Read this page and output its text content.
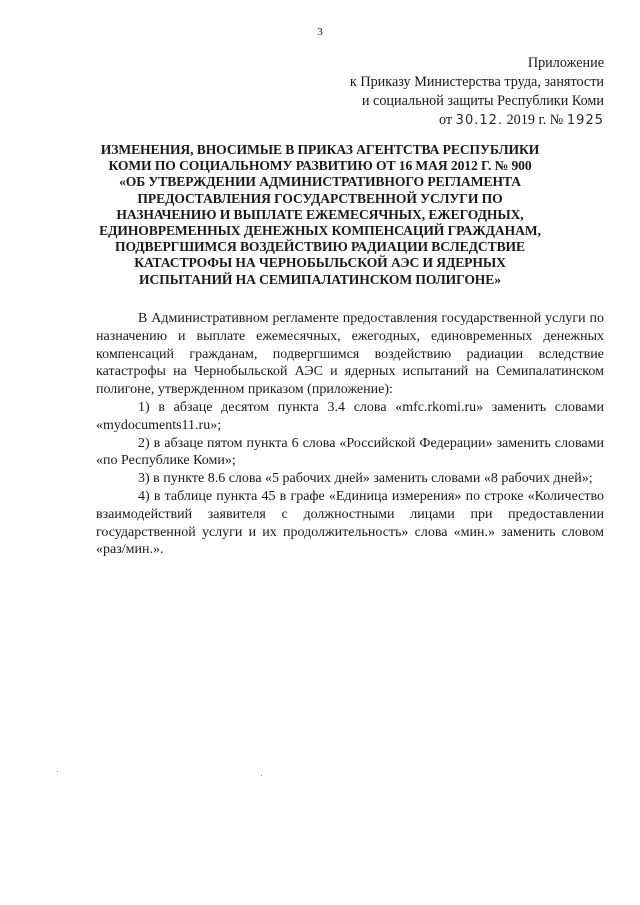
3
Приложение
к Приказу Министерства труда, занятости
и социальной защиты Республики Коми
от 30.12. 2019 г. № 1925
ИЗМЕНЕНИЯ, ВНОСИМЫЕ В ПРИКАЗ АГЕНТСТВА РЕСПУБЛИКИ
КОМИ ПО СОЦИАЛЬНОМУ РАЗВИТИЮ ОТ 16 МАЯ 2012 Г. № 900
«ОБ УТВЕРЖДЕНИИ АДМИНИСТРАТИВНОГО РЕГЛАМЕНТА
ПРЕДОСТАВЛЕНИЯ ГОСУДАРСТВЕННОЙ УСЛУГИ ПО
НАЗНАЧЕНИЮ И ВЫПЛАТЕ ЕЖЕМЕСЯЧНЫХ, ЕЖЕГОДНЫХ,
ЕДИНОВРЕМЕННЫХ ДЕНЕЖНЫХ КОМПЕНСАЦИЙ ГРАЖДАНАМ,
ПОДВЕРГШИМСЯ ВОЗДЕЙСТВИЮ РАДИАЦИИ ВСЛЕДСТВИЕ
КАТАСТРОФЫ НА ЧЕРНОБЫЛЬСКОЙ АЭС И ЯДЕРНЫХ
ИСПЫТАНИЙ НА СЕМИПАЛАТИНСКОМ ПОЛИГОНЕ»

В Административном регламенте предоставления государственной услуги по назначению и выплате ежемесячных, ежегодных, единовременных денежных компенсаций гражданам, подвергшимся воздействию радиации вследствие катастрофы на Чернобыльской АЭС и ядерных испытаний на Семипалатинском полигоне, утвержденном приказом (приложение):

1) в абзаце десятом пункта 3.4 слова «mfc.rkomi.ru» заменить словами «mydocuments11.ru»;

2) в абзаце пятом пункта 6 слова «Российской Федерации» заменить словами «по Республике Коми»;

3) в пункте 8.6 слова «5 рабочих дней» заменить словами «8 рабочих дней»;

4) в таблице пункта 45 в графе «Единица измерения» по строке «Количество взаимодействий заявителя с должностными лицами при предоставлении государственной услуги и их продолжительность» слова «мин.» заменить словом «раз/мин.».
